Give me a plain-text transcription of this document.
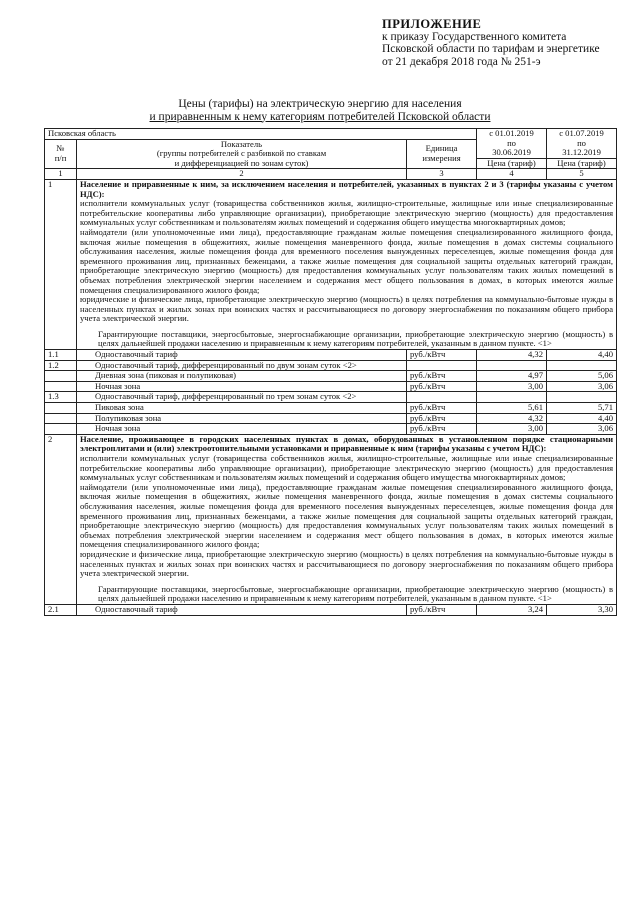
ПРИЛОЖЕНИЕ
к приказу Государственного комитета
Псковской области по тарифам и энергетике
от 21 декабря 2018 года № 251-э
Цены (тарифы) на электрическую энергию для населения
и приравненным к нему категориям потребителей Псковской области
Псковская область			с 01.01.2019
по
30.06.2019	с 01.07.2019
по
31.12.2019
№
п/п	Показатель
(группы потребителей с разбивкой по ставкам
и дифференциацией по зонам суток)	Единица
измерения		
			Цена (тариф)	Цена (тариф)
1	2	3	4	5
1	Население и приравненные к ним, за исключением населения и потребителей, указанных в пунктах 2 и 3 (тарифы указаны с учетом НДС):

исполнители коммунальных услуг (товарищества собственников жилья, жилищно-строительные, жилищные или иные специализированные потребительские кооперативы либо управляющие организации), приобретающие электрическую энергию (мощность) для предоставления коммунальных услуг собственникам и пользователям жилых помещений и содержания общего имущества многоквартирных домов;

наймодатели (или уполномоченные ими лица), предоставляющие гражданам жилые помещения специализированного жилищного фонда, включая жилые помещения в общежитиях, жилые помещения маневренного фонда, жилые помещения в домах системы социального обслуживания населения, жилые помещения фонда для временного поселения вынужденных переселенцев, жилые помещения фонда для временного проживания лиц, признанных беженцами, а также жилые помещения для социальной защиты отдельных категорий граждан, приобретающие электрическую энергию (мощность) для предоставления коммунальных услуг пользователям таких жилых помещений в объемах потребления электрической энергии населением и содержания мест общего пользования в домах, в которых имеются жилые помещения специализированного жилого фонда;

юридические и физические лица, приобретающие электрическую энергию (мощность) в целях потребления на коммунально-бытовые нужды в населенных пунктах и жилых зонах при воинских частях и рассчитывающиеся по договору энергоснабжения по показаниям общего прибора учета электрической энергии.

Гарантирующие поставщики, энергосбытовые, энергоснабжающие организации, приобретающие электрическую энергию (мощность) в целях дальнейшей продажи населению и приравненным к нему категориям потребителей, указанным в данном пункте. <1>			

1.1	Одноставочный тариф	руб./кВтч	4,32	4,40
1.2	Одноставочный тариф, дифференцированный по двум зонам суток <2>			
	Дневная зона (пиковая и полупиковая)	руб./кВтч	4,97	5,06
	Ночная зона	руб./кВтч	3,00	3,06
1.3	Одноставочный тариф, дифференцированный по трем зонам суток <2>			
	Пиковая зона	руб./кВтч	5,61	5,71
	Полупиковая зона	руб./кВтч	4,32	4,40
	Ночная зона	руб./кВтч	3,00	3,06
2	Население, проживающее в городских населенных пунктах в домах, оборудованных в установленном порядке стационарными электроплитами и (или) электроотопительными установками и приравненные к ним (тарифы указаны с учетом НДС):

исполнители коммунальных услуг (товарищества собственников жилья, жилищно-строительные, жилищные или иные специализированные потребительские кооперативы либо управляющие организации), приобретающие электрическую энергию (мощность) для предоставления коммунальных услуг собственникам и пользователям жилых помещений и содержания общего имущества многоквартирных домов;

наймодатели (или уполномоченные ими лица), предоставляющие гражданам жилые помещения специализированного жилищного фонда, включая жилые помещения в общежитиях, жилые помещения маневренного фонда, жилые помещения в домах системы социального обслуживания населения, жилые помещения фонда для временного поселения вынужденных переселенцев, жилые помещения фонда для временного проживания лиц, признанных беженцами, а также жилые помещения для социальной защиты отдельных категорий граждан, приобретающие электрическую энергию (мощность) для предоставления коммунальных услуг пользователям таких жилых помещений в объемах потребления электрической энергии населением и содержания мест общего пользования в домах, в которых имеются жилые помещения специализированного жилого фонда;

юридические и физические лица, приобретающие электрическую энергию (мощность) в целях потребления на коммунально-бытовые нужды в населенных пунктах и жилых зонах при воинских частях и рассчитывающиеся по договору энергоснабжения по показаниям общего прибора учета электрической энергии.

Гарантирующие поставщики, энергосбытовые, энергоснабжающие организации, приобретающие электрическую энергию (мощность) в целях дальнейшей продажи населению и приравненным к нему категориям потребителей, указанным в данном пункте. <1>			

2.1	Одноставочный тариф	руб./кВтч	3,24	3,30
